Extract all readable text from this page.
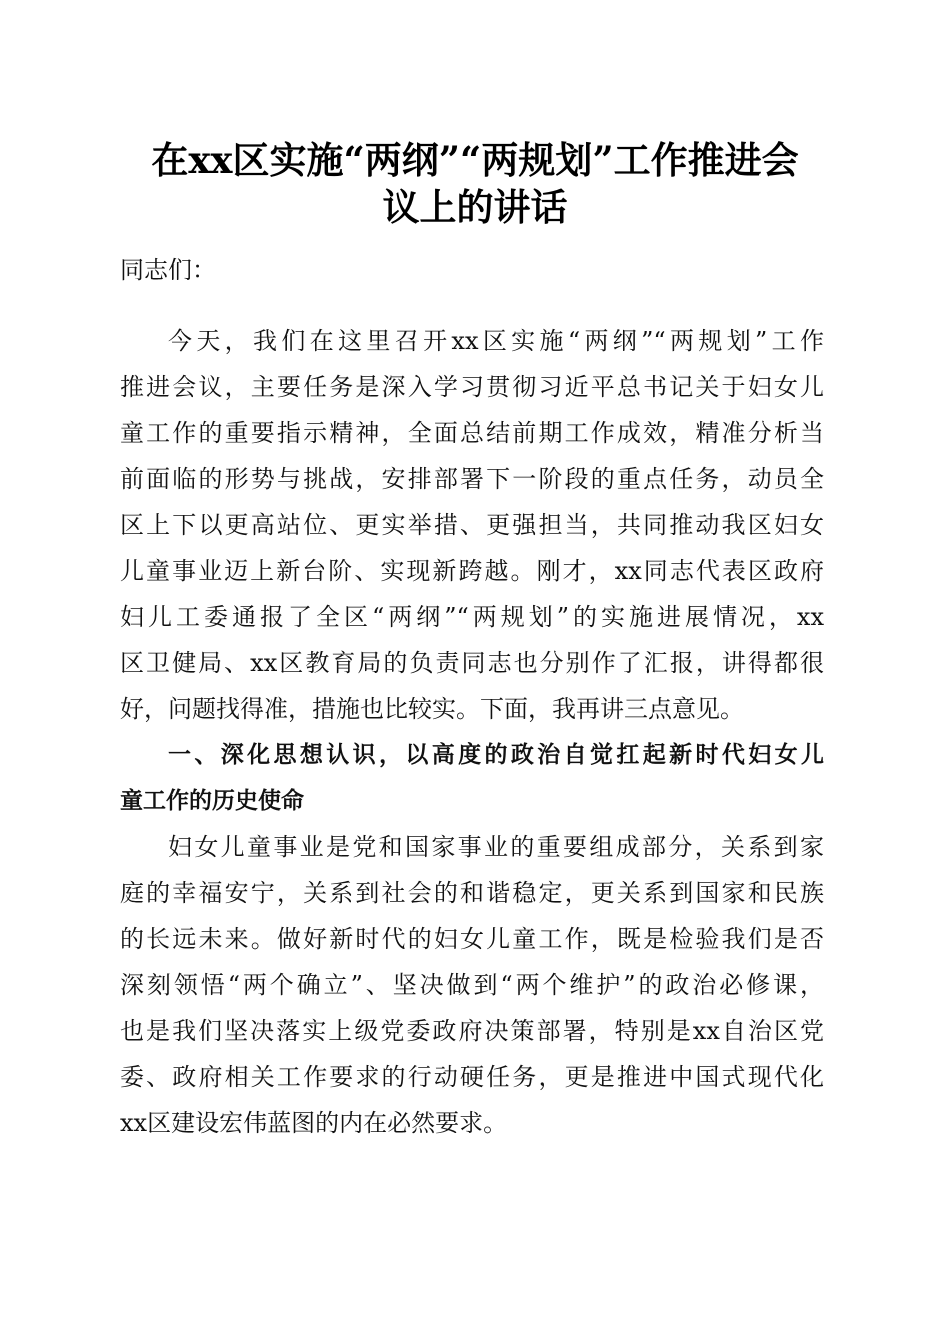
在xx区实施“两纲”“两规划”工作推进会
议上的讲话
同志们：
今天，我们在这里召开xx区实施“两纲”“两规划”工作
推进会议，主要任务是深入学习贯彻习近平总书记关于妇女儿
童工作的重要指示精神，全面总结前期工作成效，精准分析当
前面临的形势与挑战，安排部署下一阶段的重点任务，动员全
区上下以更高站位、更实举措、更强担当，共同推动我区妇女
儿童事业迈上新台阶、实现新跨越。刚才，xx同志代表区政府
妇儿工委通报了全区“两纲”“两规划”的实施进展情况，xx
区卫健局、xx区教育局的负责同志也分别作了汇报，讲得都很
好，问题找得准，措施也比较实。下面，我再讲三点意见。
一、深化思想认识，以高度的政治自觉扛起新时代妇女儿
童工作的历史使命
妇女儿童事业是党和国家事业的重要组成部分，关系到家
庭的幸福安宁，关系到社会的和谐稳定，更关系到国家和民族
的长远未来。做好新时代的妇女儿童工作，既是检验我们是否
深刻领悟“两个确立”、坚决做到“两个维护”的政治必修课，
也是我们坚决落实上级党委政府决策部署，特别是xx自治区党
委、政府相关工作要求的行动硬任务，更是推进中国式现代化
xx区建设宏伟蓝图的内在必然要求。
